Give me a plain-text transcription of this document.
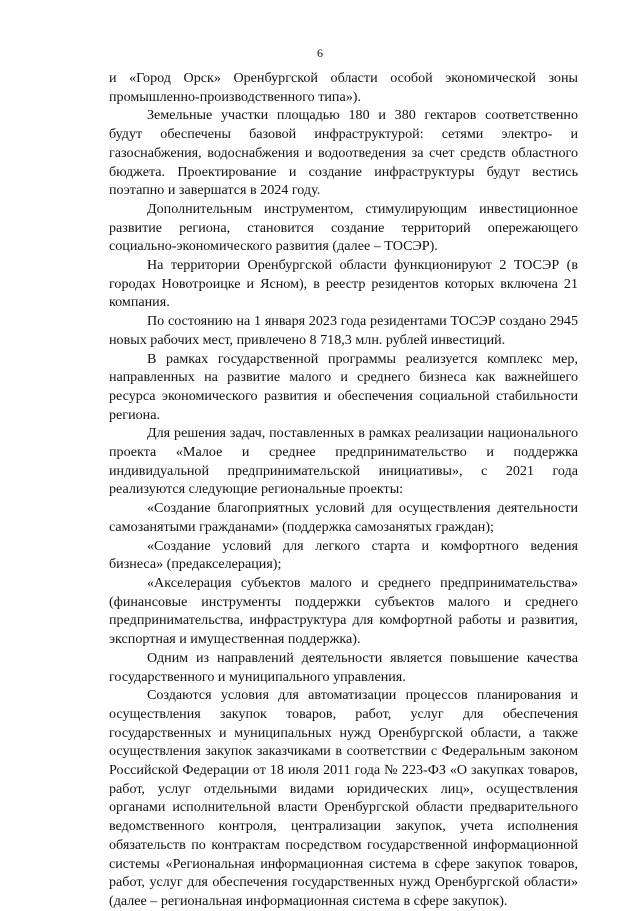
6

и «Город Орск» Оренбургской области особой экономической зоны промышленно-производственного типа»).

Земельные участки площадью 180 и 380 гектаров соответственно будут обеспечены базовой инфраструктурой: сетями электро- и газоснабжения, водоснабжения и водоотведения за счет средств областного бюджета. Проектирование и создание инфраструктуры будут вестись поэтапно и завершатся в 2024 году.

Дополнительным инструментом, стимулирующим инвестиционное развитие региона, становится создание территорий опережающего социально-экономического развития (далее – ТОСЭР).

На территории Оренбургской области функционируют 2 ТОСЭР (в городах Новотроицке и Ясном), в реестр резидентов которых включена 21 компания.

По состоянию на 1 января 2023 года резидентами ТОСЭР создано 2945 новых рабочих мест, привлечено 8 718,3 млн. рублей инвестиций.

В рамках государственной программы реализуется комплекс мер, направленных на развитие малого и среднего бизнеса как важнейшего ресурса экономического развития и обеспечения социальной стабильности региона.

Для решения задач, поставленных в рамках реализации национального проекта «Малое и среднее предпринимательство и поддержка индивидуальной предпринимательской инициативы», с 2021 года реализуются следующие региональные проекты:

«Создание благоприятных условий для осуществления деятельности самозанятыми гражданами» (поддержка самозанятых граждан);

«Создание условий для легкого старта и комфортного ведения бизнеса» (предакселерация);

«Акселерация субъектов малого и среднего предпринимательства» (финансовые инструменты поддержки субъектов малого и среднего предпринимательства, инфраструктура для комфортной работы и развития, экспортная и имущественная поддержка).

Одним из направлений деятельности является повышение качества государственного и муниципального управления.

Создаются условия для автоматизации процессов планирования и осуществления закупок товаров, работ, услуг для обеспечения государственных и муниципальных нужд Оренбургской области, а также осуществления закупок заказчиками в соответствии с Федеральным законом Российской Федерации от 18 июля 2011 года № 223-ФЗ «О закупках товаров, работ, услуг отдельными видами юридических лиц», осуществления органами исполнительной власти Оренбургской области предварительного ведомственного контроля, централизации закупок, учета исполнения обязательств по контрактам посредством государственной информационной системы «Региональная информационная система в сфере закупок товаров, работ, услуг для обеспечения государственных нужд Оренбургской области» (далее – региональная информационная система в сфере закупок).
